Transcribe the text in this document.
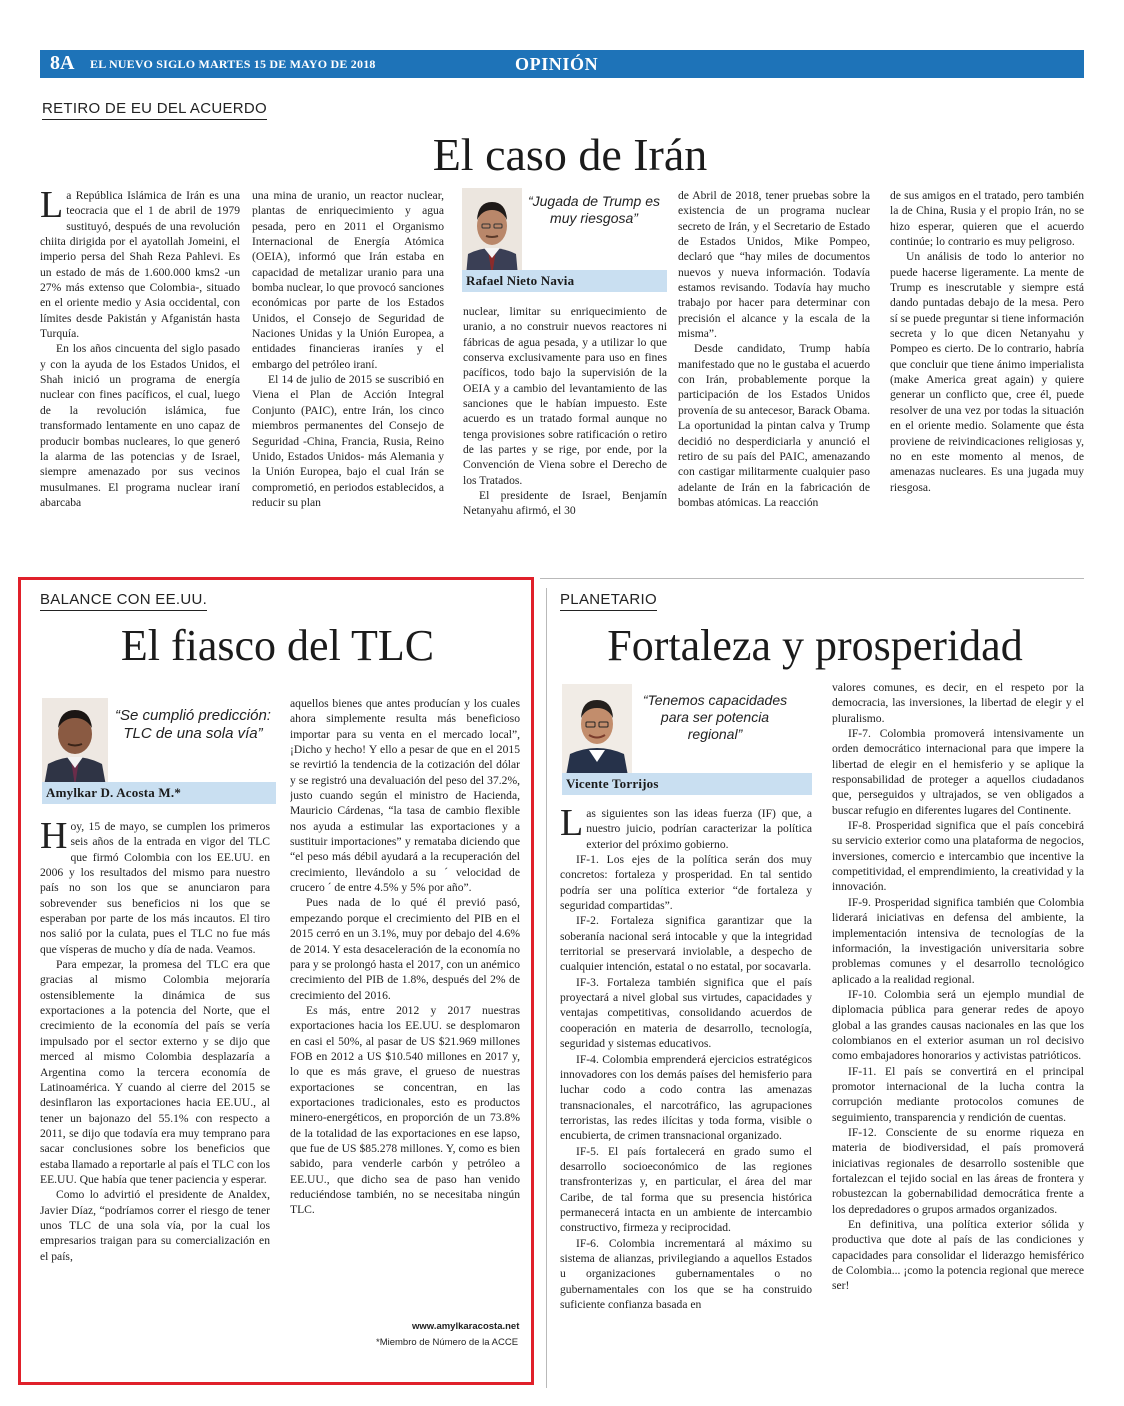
8A EL NUEVO SIGLO MARTES 15 DE MAYO DE 2018	OPINIÓN
RETIRO DE EU DEL ACUERDO
El caso de Irán

La República Islámica de Irán es una teocracia que el 1 de abril de 1979 sustituyó, después de una revolución chiita dirigida por el ayatollah Jomeini, el imperio persa del Shah Reza Pahlevi. Es un estado de más de 1.600.000 kms2 -un 27% más extenso que Colombia-, situado en el oriente medio y Asia occidental, con límites desde Pakistán y Afganistán hasta Turquía.

En los años cincuenta del siglo pasado y con la ayuda de los Estados Unidos, el Shah inició un programa de energía nuclear con fines pacíficos, el cual, luego de la revolución islámica, fue transformado lentamente en uno capaz de producir bombas nucleares, lo que generó la alarma de las potencias y de Israel, siempre amenazado por sus vecinos musulmanes. El programa nuclear iraní abarcaba

una mina de uranio, un reactor nuclear, plantas de enriquecimiento y agua pesada, pero en 2011 el Organismo Internacional de Energía Atómica (OEIA), informó que Irán estaba en capacidad de metalizar uranio para una bomba nuclear, lo que provocó sanciones económicas por parte de los Estados Unidos, el Consejo de Seguridad de Naciones Unidas y la Unión Europea, a entidades financieras iraníes y el embargo del petróleo iraní.

El 14 de julio de 2015 se suscribió en Viena el Plan de Acción Integral Conjunto (PAIC), entre Irán, los cinco miembros permanentes del Consejo de Seguridad -China, Francia, Rusia, Reino Unido, Estados Unidos- más Alemania y la Unión Europea, bajo el cual Irán se comprometió, en periodos establecidos, a reducir su plan

“Jugada de Trump es muy riesgosa”
Rafael Nieto Navia

nuclear, limitar su enriquecimiento de uranio, a no construir nuevos reactores ni fábricas de agua pesada, y a utilizar lo que conserva exclusivamente para uso en fines pacíficos, todo bajo la supervisión de la OEIA y a cambio del levantamiento de las sanciones que le habían impuesto. Este acuerdo es un tratado formal aunque no tenga provisiones sobre ratificación o retiro de las partes y se rige, por ende, por la Convención de Viena sobre el Derecho de los Tratados.

El presidente de Israel, Benjamín Netanyahu afirmó, el 30

de Abril de 2018, tener pruebas sobre la existencia de un programa nuclear secreto de Irán, y el Secretario de Estado de Estados Unidos, Mike Pompeo, declaró que “hay miles de documentos nuevos y nueva información. Todavía estamos revisando. Todavía hay mucho trabajo por hacer para determinar con precisión el alcance y la escala de la misma”.

Desde candidato, Trump había manifestado que no le gustaba el acuerdo con Irán, probablemente porque la participación de los Estados Unidos provenía de su antecesor, Barack Obama. La oportunidad la pintan calva y Trump decidió no desperdiciarla y anunció el retiro de su país del PAIC, amenazando con castigar militarmente cualquier paso adelante de Irán en la fabricación de bombas atómicas. La reacción

de sus amigos en el tratado, pero también la de China, Rusia y el propio Irán, no se hizo esperar, quieren que el acuerdo continúe; lo contrario es muy peligroso.

Un análisis de todo lo anterior no puede hacerse ligeramente. La mente de Trump es inescrutable y siempre está dando puntadas debajo de la mesa. Pero sí se puede preguntar si tiene información secreta y lo que dicen Netanyahu y Pompeo es cierto. De lo contrario, habría que concluir que tiene ánimo imperialista (make America great again) y quiere generar un conflicto que, cree él, puede resolver de una vez por todas la situación en el oriente medio. Solamente que ésta proviene de reivindicaciones religiosas y, no en este momento al menos, de amenazas nucleares. Es una jugada muy riesgosa.

BALANCE CON EE.UU.
El fiasco del TLC
“Se cumplió predicción: TLC de una sola vía”
Amylkar D. Acosta M.*

Hoy, 15 de mayo, se cumplen los primeros seis años de la entrada en vigor del TLC que firmó Colombia con los EE.UU. en 2006 y los resultados del mismo para nuestro país no son los que se anunciaron para sobrevender sus beneficios ni los que se esperaban por parte de los más incautos. El tiro nos salió por la culata, pues el TLC no fue más que vísperas de mucho y día de nada. Veamos.

Para empezar, la promesa del TLC era que gracias al mismo Colombia mejoraría ostensiblemente la dinámica de sus exportaciones a la potencia del Norte, que el crecimiento de la economía del país se vería impulsado por el sector externo y se dijo que merced al mismo Colombia desplazaría a Argentina como la tercera economía de Latinoamérica. Y cuando al cierre del 2015 se desinflaron las exportaciones hacia EE.UU., al tener un bajonazo del 55.1% con respecto a 2011, se dijo que todavía era muy temprano para sacar conclusiones sobre los beneficios que estaba llamado a reportarle al país el TLC con los EE.UU. Que había que tener paciencia y esperar.

Como lo advirtió el presidente de Analdex, Javier Díaz, “podríamos correr el riesgo de tener unos TLC de una sola vía, por la cual los empresarios traigan para su comercialización en el país,

aquellos bienes que antes producían y los cuales ahora simplemente resulta más beneficioso importar para su venta en el mercado local”, ¡Dicho y hecho! Y ello a pesar de que en el 2015 se revirtió la tendencia de la cotización del dólar y se registró una devaluación del peso del 37.2%, justo cuando según el ministro de Hacienda, Mauricio Cárdenas, “la tasa de cambio flexible nos ayuda a estimular las exportaciones y a sustituir importaciones” y remataba diciendo que “el peso más débil ayudará a la recuperación del crecimiento, llevándolo a su ´ velocidad de crucero ´ de entre 4.5% y 5% por año”.

Pues nada de lo qué él previó pasó, empezando porque el crecimiento del PIB en el 2015 cerró en un 3.1%, muy por debajo del 4.6% de 2014. Y esta desaceleración de la economía no para y se prolongó hasta el 2017, con un anémico crecimiento del PIB de 1.8%, después del 2% de crecimiento del 2016.

Es más, entre 2012 y 2017 nuestras exportaciones hacia los EE.UU. se desplomaron en casi el 50%, al pasar de US $21.969 millones FOB en 2012 a US $10.540 millones en 2017 y, lo que es más grave, el grueso de nuestras exportaciones se concentran, en las exportaciones tradicionales, esto es productos minero-energéticos, en proporción de un 73.8% de la totalidad de las exportaciones en ese lapso, que fue de US $85.278 millones. Y, como es bien sabido, para venderle carbón y petróleo a EE.UU., que dicho sea de paso han venido reduciéndose también, no se necesitaba ningún TLC.

www.amylkaracosta.net
*Miembro de Número de la ACCE
PLANETARIO
Fortaleza y prosperidad
“Tenemos capacidades para ser potencia regional”
Vicente Torrijos

Las siguientes son las ideas fuerza (IF) que, a nuestro juicio, podrían caracterizar la política exterior del próximo gobierno.

IF-1. Los ejes de la política serán dos muy concretos: fortaleza y prosperidad. En tal sentido podría ser una política exterior “de fortaleza y seguridad compartidas”.

IF-2. Fortaleza significa garantizar que la soberanía nacional será intocable y que la integridad territorial se preservará inviolable, a despecho de cualquier intención, estatal o no estatal, por socavarla.

IF-3. Fortaleza también significa que el país proyectará a nivel global sus virtudes, capacidades y ventajas competitivas, consolidando acuerdos de cooperación en materia de desarrollo, tecnología, seguridad y sistemas educativos.

IF-4. Colombia emprenderá ejercicios estratégicos innovadores con los demás países del hemisferio para luchar codo a codo contra las amenazas transnacionales, el narcotráfico, las agrupaciones terroristas, las redes ilícitas y toda forma, visible o encubierta, de crimen transnacional organizado.

IF-5. El país fortalecerá en grado sumo el desarrollo socioeconómico de las regiones transfronterizas y, en particular, el área del mar Caribe, de tal forma que su presencia histórica permanecerá intacta en un ambiente de intercambio constructivo, firmeza y reciprocidad.

IF-6. Colombia incrementará al máximo su sistema de alianzas, privilegiando a aquellos Estados u organizaciones gubernamentales o no gubernamentales con los que se ha construido suficiente confianza basada en

valores comunes, es decir, en el respeto por la democracia, las inversiones, la libertad de elegir y el pluralismo.

IF-7. Colombia promoverá intensivamente un orden democrático internacional para que impere la libertad de elegir en el hemisferio y se aplique la responsabilidad de proteger a aquellos ciudadanos que, perseguidos y ultrajados, se ven obligados a buscar refugio en diferentes lugares del Continente.

IF-8. Prosperidad significa que el país concebirá su servicio exterior como una plataforma de negocios, inversiones, comercio e intercambio que incentive la competitividad, el emprendimiento, la creatividad y la innovación.

IF-9. Prosperidad significa también que Colombia liderará iniciativas en defensa del ambiente, la implementación intensiva de tecnologías de la información, la investigación universitaria sobre problemas comunes y el desarrollo tecnológico aplicado a la realidad regional.

IF-10. Colombia será un ejemplo mundial de diplomacia pública para generar redes de apoyo global a las grandes causas nacionales en las que los colombianos en el exterior asuman un rol decisivo como embajadores honorarios y activistas patrióticos.

IF-11. El país se convertirá en el principal promotor internacional de la lucha contra la corrupción mediante protocolos comunes de seguimiento, transparencia y rendición de cuentas.

IF-12. Consciente de su enorme riqueza en materia de biodiversidad, el país promoverá iniciativas regionales de desarrollo sostenible que fortalezcan el tejido social en las áreas de frontera y robustezcan la gobernabilidad democrática frente a los depredadores o grupos armados organizados.

En definitiva, una política exterior sólida y productiva que dote al país de las condiciones y capacidades para consolidar el liderazgo hemisférico de Colombia... ¡como la potencia regional que merece ser!
